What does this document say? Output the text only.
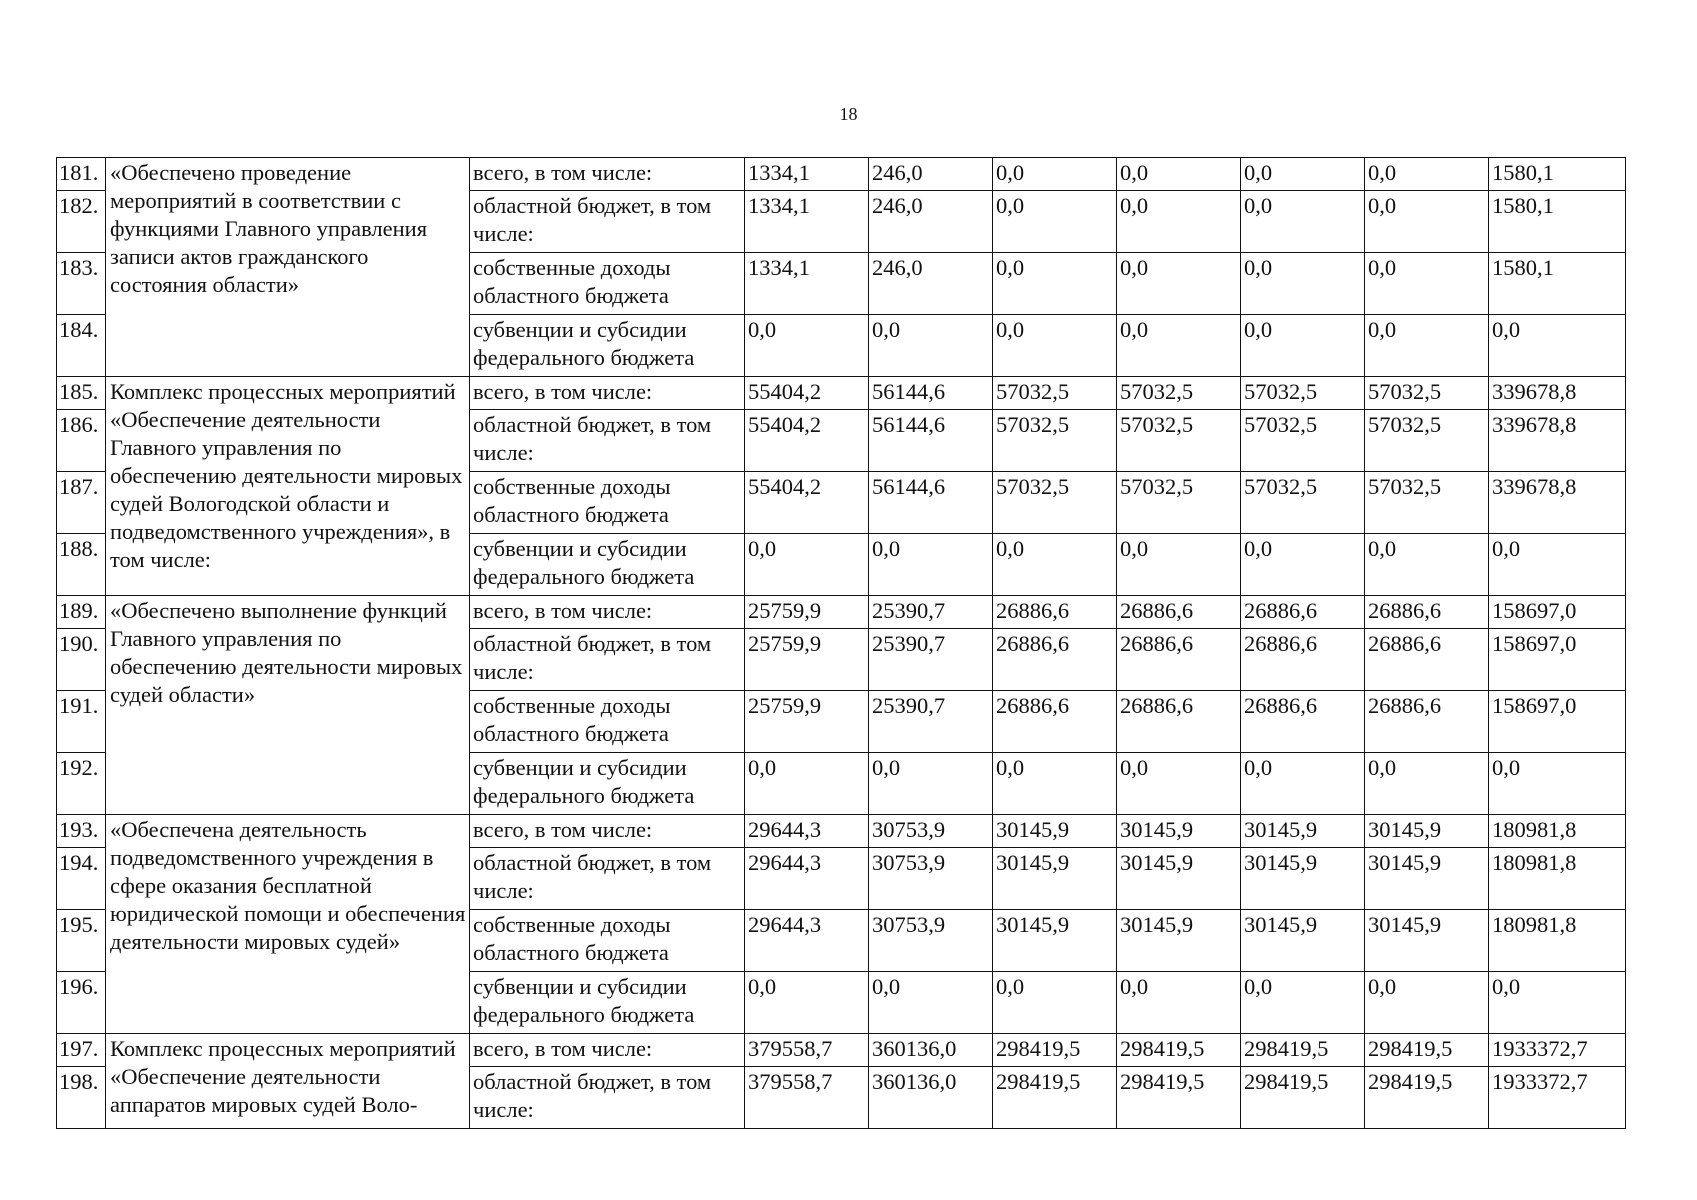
18
181.	«Обеспечено проведение мероприятий в соответствии с функциями Главного управления записи актов гражданского состояния области»	всего, в том числе:	1334,1	246,0	0,0	0,0	0,0	0,0	1580,1
182.		областной бюджет, в том числе:	1334,1	246,0	0,0	0,0	0,0	0,0	1580,1
183.		собственные доходы областного бюджета	1334,1	246,0	0,0	0,0	0,0	0,0	1580,1
184.		субвенции и субсидии федерального бюджета	0,0	0,0	0,0	0,0	0,0	0,0	0,0
185.	Комплекс процессных мероприятий «Обеспечение деятельности Главного управления по обеспечению деятельности мировых судей Вологодской области и подведомственного учреждения», в том числе:	всего, в том числе:	55404,2	56144,6	57032,5	57032,5	57032,5	57032,5	339678,8
186.		областной бюджет, в том числе:	55404,2	56144,6	57032,5	57032,5	57032,5	57032,5	339678,8
187.		собственные доходы областного бюджета	55404,2	56144,6	57032,5	57032,5	57032,5	57032,5	339678,8
188.		субвенции и субсидии федерального бюджета	0,0	0,0	0,0	0,0	0,0	0,0	0,0
189.	«Обеспечено выполнение функций Главного управления по обеспечению деятельности мировых судей области»	всего, в том числе:	25759,9	25390,7	26886,6	26886,6	26886,6	26886,6	158697,0
190.		областной бюджет, в том числе:	25759,9	25390,7	26886,6	26886,6	26886,6	26886,6	158697,0
191.		собственные доходы областного бюджета	25759,9	25390,7	26886,6	26886,6	26886,6	26886,6	158697,0
192.		субвенции и субсидии федерального бюджета	0,0	0,0	0,0	0,0	0,0	0,0	0,0
193.	«Обеспечена деятельность подведомственного учреждения в сфере оказания бесплатной юридической помощи и обеспечения деятельности мировых судей»	всего, в том числе:	29644,3	30753,9	30145,9	30145,9	30145,9	30145,9	180981,8
194.		областной бюджет, в том числе:	29644,3	30753,9	30145,9	30145,9	30145,9	30145,9	180981,8
195.		собственные доходы областного бюджета	29644,3	30753,9	30145,9	30145,9	30145,9	30145,9	180981,8
196.		субвенции и субсидии федерального бюджета	0,0	0,0	0,0	0,0	0,0	0,0	0,0
197.	Комплекс процессных мероприятий «Обеспечение деятельности аппаратов мировых судей Воло-	всего, в том числе:	379558,7	360136,0	298419,5	298419,5	298419,5	298419,5	1933372,7
198.		областной бюджет, в том числе:	379558,7	360136,0	298419,5	298419,5	298419,5	298419,5	1933372,7
